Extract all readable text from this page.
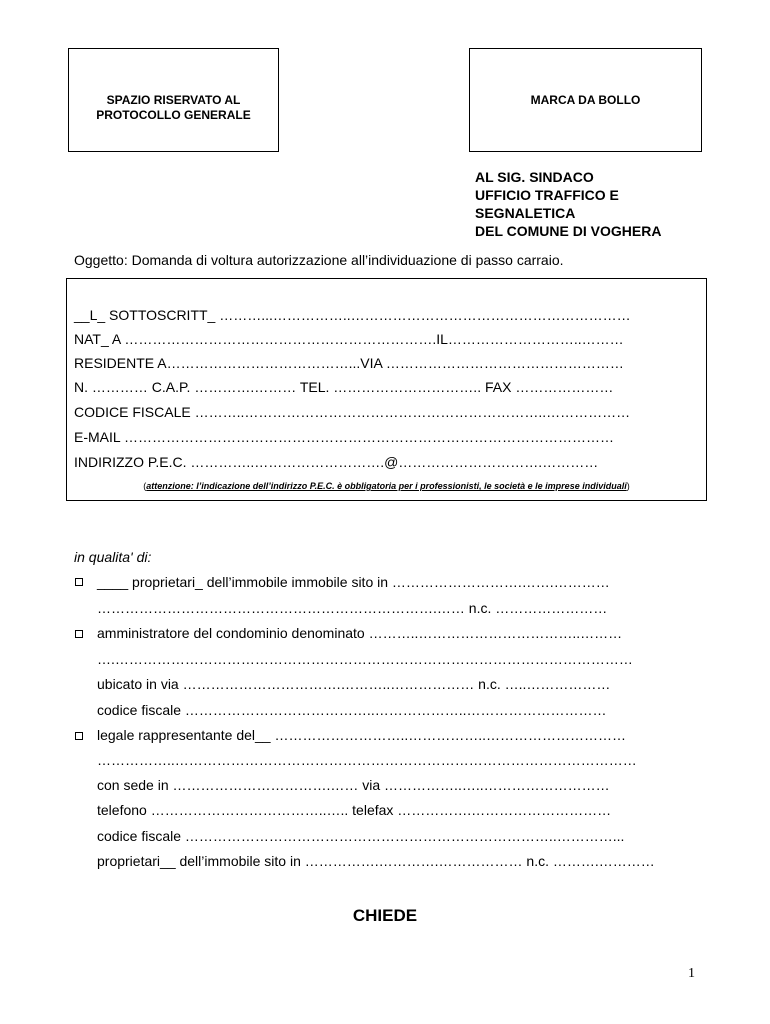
SPAZIO RISERVATO AL
PROTOCOLLO GENERALE
MARCA DA BOLLO
AL SIG. SINDACO
UFFICIO TRAFFICO E
SEGNALETICA
DEL COMUNE DI VOGHERA
Oggetto: Domanda di voltura autorizzazione all’individuazione di passo carraio.
__L_ SOTTOSCRITT_ ………...……………..……………………………………………………
NAT_ A ………………………………………………………….IL………………………..………
RESIDENTE A…………………………………...VIA ……………………………………………
N. ………… C.A.P. ………….……… TEL. ………………………….. FAX …………………
CODICE FISCALE ………..………………………………………………………..………………
E-MAIL ……………………………………………………………………………………………
INDIRIZZO P.E.C. …………..……………………….@………………………….…………
(attenzione: l’indicazione dell’indirizzo P.E.C. è obbligatoria per i professionisti, le società e le imprese individuali)
in qualita' di:
____ proprietari_ dell’immobile immobile sito in ……………………….…….…………
……………………………………………………………….…… n.c. ……………………
amministratore del condominio denominato ………..……………………………..………
….…………………………………………………………………………………………………
ubicato in via …………………………….………..……………… n.c. …..………………
codice fiscale …………………………………..………………..…………………………
legale rappresentante del__ ………………………..……………..…………………………
……………..………………………………………………………………………………………
con sede in …………………………….…… via ……………..…..………………………
telefono ………………………………..….. telefax …………….…………………………
codice fiscale ……………………………………………………………………..…………...
proprietari__ dell’immobile sito in …………….………….……………… n.c. ……….…………
CHIEDE
1
